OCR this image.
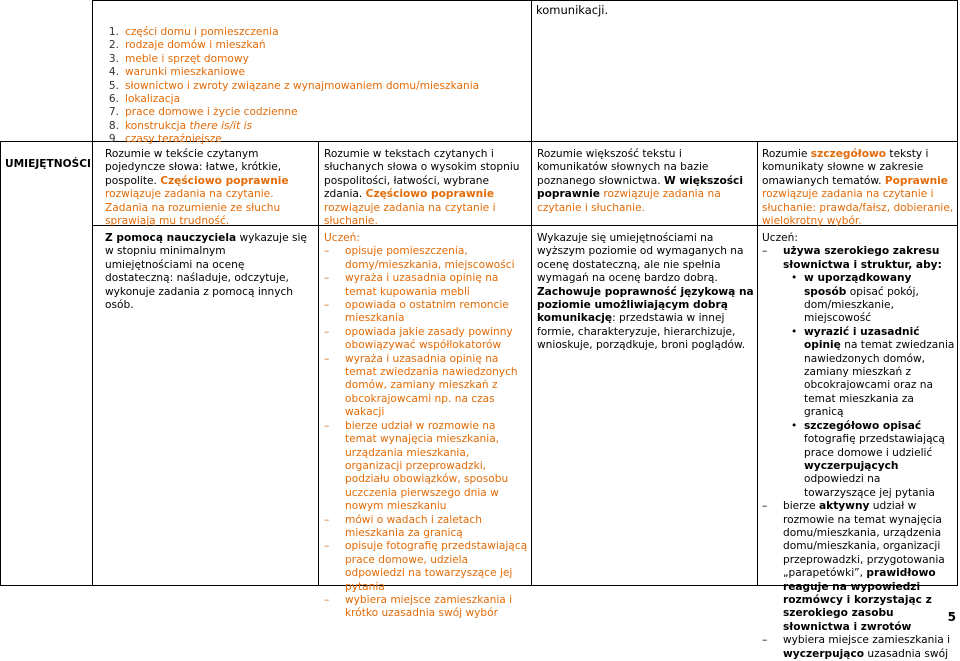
komunikacji.
1. części domu i pomieszczenia
2. rodzaje domów i mieszkań
3. meble i sprzęt domowy
4. warunki mieszkaniowe
5. słownictwo i zwroty związane z wynajmowaniem domu/mieszkania
6. lokalizacja
7. prace domowe i życie codzienne
8. konstrukcja there is/it is
9. czasy teraźniejsze
UMIEJĘTNOŚCI
Rozumie w tekście czytanym pojedyncze słowa: łatwe, krótkie, pospolite. Częściowo poprawnie rozwiązuje zadania na czytanie. Zadania na rozumienie ze słuchu sprawiają mu trudność.
Rozumie w tekstach czytanych i słuchanych słowa o wysokim stopniu pospolitości, łatwości, wybrane zdania. Częściowo poprawnie rozwiązuje zadania na czytanie i słuchanie.
Rozumie większość tekstu i komunikatów słownych na bazie poznanego słownictwa. W większości poprawnie rozwiązuje zadania na czytanie i słuchanie.
Rozumie szczegółowo teksty i komunikaty słowne w zakresie omawianych tematów. Poprawnie rozwiązuje zadania na czytanie i słuchanie: prawda/fałsz, dobieranie, wielokrotny wybór.
Z pomocą nauczyciela wykazuje się w stopniu minimalnym umiejętnościami na ocenę dostateczną: naśladuje, odczytuje, wykonuje zadania z pomocą innych osób.
Uczeń:
– opisuje pomieszczenia, domy/mieszkania, miejscowości
– wyraża i uzasadnia opinię na temat kupowania mebli
– opowiada o ostatnim remoncie mieszkania
– opowiada jakie zasady powinny obowiązywać współlokatorów
– wyraża i uzasadnia opinię na temat zwiedzania nawiedzonych domów, zamiany mieszkań z obcokrajowcami np. na czas wakacji
– bierze udział w rozmowie na temat wynajęcia mieszkania, urządzania mieszkania, organizacji przeprowadzki, podziału obowiązków, sposobu uczczenia pierwszego dnia w nowym mieszkaniu
– mówi o wadach i zaletach mieszkania za granicą
– opisuje fotografię przedstawiającą prace domowe, udziela odpowiedzi na towarzyszące jej pytania
– wybiera miejsce zamieszkania i krótko uzasadnia swój wybór
Wykazuje się umiejętnościami na wyższym poziomie od wymaganych na ocenę dostateczną, ale nie spełnia wymagań na ocenę bardzo dobrą. Zachowuje poprawność językową na poziomie umożliwiającym dobrą komunikację: przedstawia w innej formie, charakteryzuje, hierarchizuje, wnioskuje, porządkuje, broni poglądów.
Uczeń:
– używa szerokiego zakresu słownictwa i struktur, aby:
• w uporządkowany sposób opisać pokój, dom/mieszkanie, miejscowość
• wyrazić i uzasadnić opinię na temat zwiedzania nawiedzonych domów, zamiany mieszkań z obcokrajowcami oraz na temat mieszkania za granicą
• szczegółowo opisać fotografię przedstawiającą prace domowe i udzielić wyczerpujących odpowiedzi na towarzyszące jej pytania
– bierze aktywny udział w rozmowie na temat wynajęcia domu/mieszkania, urządzenia domu/mieszkania, organizacji przeprowadzki, przygotowania „parapetówki”, prawidłowo reaguje na wypowiedzi rozmówcy i korzystając z szerokiego zasobu słownictwa i zwrotów
– wybiera miejsce zamieszkania i wyczerpująco uzasadnia swój
5
